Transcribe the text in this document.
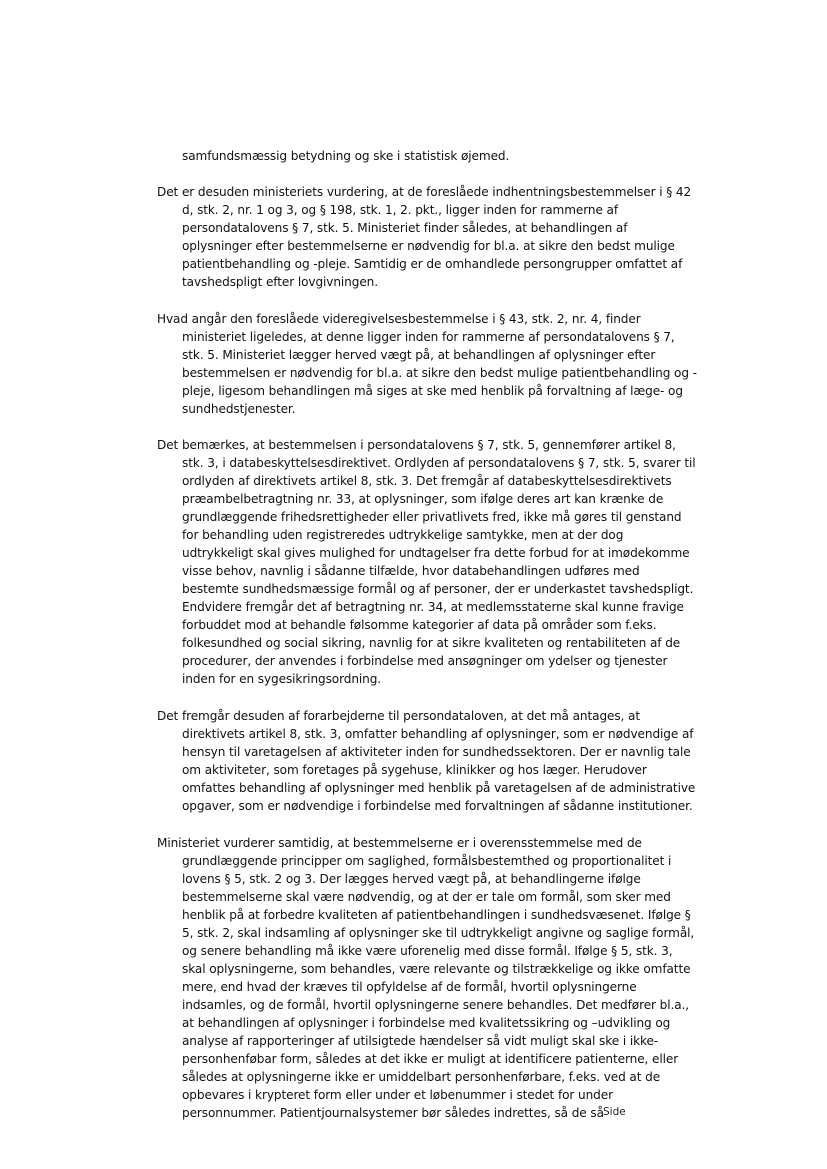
samfundsmæssig betydning og ske i statistisk øjemed.

Det er desuden ministeriets vurdering, at de foreslåede indhentningsbestemmelser i § 42 d, stk. 2, nr. 1 og 3, og § 198, stk. 1, 2. pkt., ligger inden for rammerne af persondatalovens § 7, stk. 5. Ministeriet finder således, at behandlingen af oplysninger efter bestemmelserne er nødvendig for bl.a. at sikre den bedst mulige patientbehandling og -pleje. Samtidig er de omhandlede persongrupper omfattet af tavshedspligt efter lovgivningen.

Hvad angår den foreslåede videregivelsesbestemmelse i § 43, stk. 2, nr. 4, finder ministeriet ligeledes, at denne ligger inden for rammerne af persondatalovens § 7, stk. 5. Ministeriet lægger herved vægt på, at behandlingen af oplysninger efter bestemmelsen er nødvendig for bl.a. at sikre den bedst mulige patientbehandling og -pleje, ligesom behandlingen må siges at ske med henblik på forvaltning af læge- og sundhedstjenester.

Det bemærkes, at bestemmelsen i persondatalovens § 7, stk. 5, gennemfører artikel 8, stk. 3, i databeskyttelsesdirektivet. Ordlyden af persondatalovens § 7, stk. 5, svarer til ordlyden af direktivets artikel 8, stk. 3. Det fremgår af databeskyttelsesdirektivets præambelbetragtning nr. 33, at oplysninger, som ifølge deres art kan krænke de grundlæggende frihedsrettigheder eller privatlivets fred, ikke må gøres til genstand for behandling uden registreredes udtrykkelige samtykke, men at der dog udtrykkeligt skal gives mulighed for undtagelser fra dette forbud for at imødekomme visse behov, navnlig i sådanne tilfælde, hvor databehandlingen udføres med bestemte sundhedsmæssige formål og af personer, der er underkastet tavshedspligt. Endvidere fremgår det af betragtning nr. 34, at medlemsstaterne skal kunne fravige forbuddet mod at behandle følsomme kategorier af data på områder som f.eks. folkesundhed og social sikring, navnlig for at sikre kvaliteten og rentabiliteten af de procedurer, der anvendes i forbindelse med ansøgninger om ydelser og tjenester inden for en sygesikringsordning.

Det fremgår desuden af forarbejderne til persondataloven, at det må antages, at direktivets artikel 8, stk. 3, omfatter behandling af oplysninger, som er nødvendige af hensyn til varetagelsen af aktiviteter inden for sundhedssektoren. Der er navnlig tale om aktiviteter, som foretages på sygehuse, klinikker og hos læger. Herudover omfattes behandling af oplysninger med henblik på varetagelsen af de administrative opgaver, som er nødvendige i forbindelse med forvaltningen af sådanne institutioner.

Ministeriet vurderer samtidig, at bestemmelserne er i overensstemmelse med de grundlæggende principper om saglighed, formålsbestemthed og proportionalitet i lovens § 5, stk. 2 og 3. Der lægges herved vægt på, at behandlingerne ifølge bestemmelserne skal være nødvendig, og at der er tale om formål, som sker med henblik på at forbedre kvaliteten af patientbehandlingen i sundhedsvæsenet. Ifølge § 5, stk. 2, skal indsamling af oplysninger ske til udtrykkeligt angivne og saglige formål, og senere behandling må ikke være uforenelig med disse formål. Ifølge § 5, stk. 3, skal oplysningerne, som behandles, være relevante og tilstrækkelige og ikke omfatte mere, end hvad der kræves til opfyldelse af de formål, hvortil oplysningerne indsamles, og de formål, hvortil oplysningerne senere behandles. Det medfører bl.a., at behandlingen af oplysninger i forbindelse med kvalitetssikring og –udvikling og analyse af rapporteringer af utilsigtede hændelser så vidt muligt skal ske i ikke-personhenføbar form, således at det ikke er muligt at identificere patienterne, eller således at oplysningerne ikke er umiddelbart personhenførbare, f.eks. ved at de opbevares i krypteret form eller under et løbenummer i stedet for under personnummer. Patientjournalsystemer bør således indrettes, så de så Side
